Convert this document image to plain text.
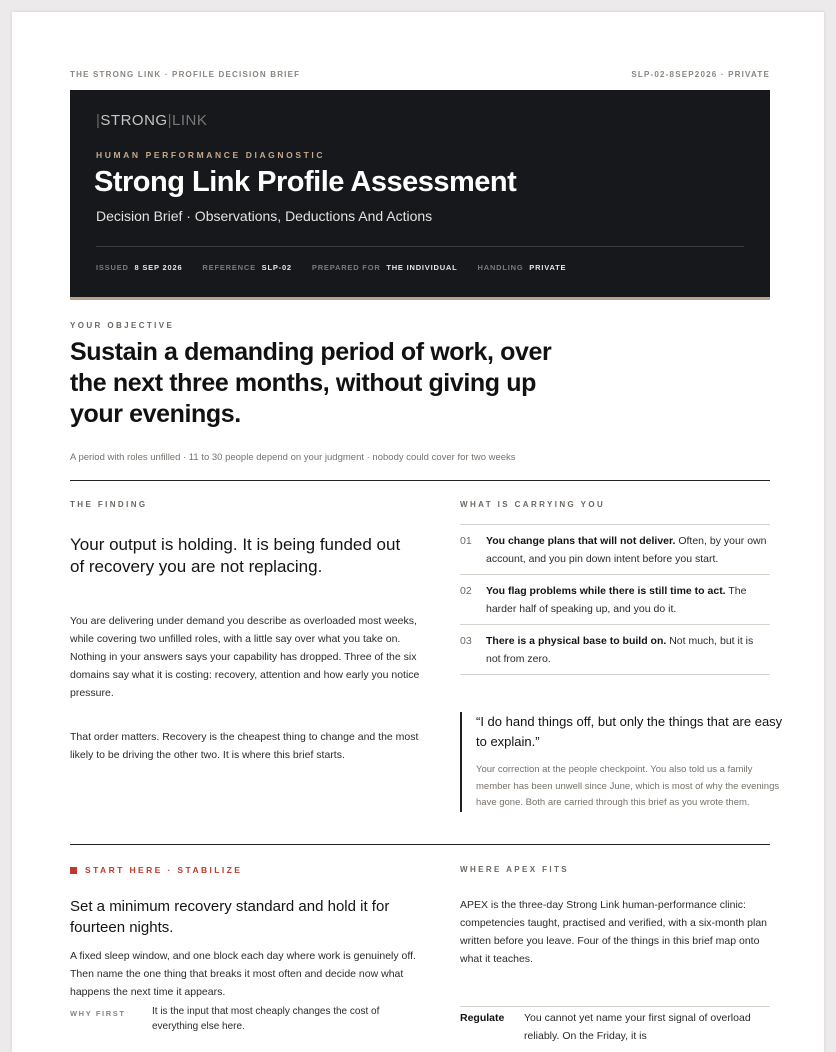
THE STRONG LINK · PROFILE DECISION BRIEF	SLP-02-8SEP2026 · PRIVATE
|STRONG|LINK
HUMAN PERFORMANCE DIAGNOSTIC
Strong Link Profile Assessment
Decision Brief · Observations, Deductions And Actions
ISSUED 8 SEP 2026	REFERENCE SLP-02	PREPARED FOR THE INDIVIDUAL	HANDLING PRIVATE
YOUR OBJECTIVE
Sustain a demanding period of work, over the next three months, without giving up your evenings.
A period with roles unfilled · 11 to 30 people depend on your judgment · nobody could cover for two weeks
THE FINDING
Your output is holding. It is being funded out of recovery you are not replacing.
You are delivering under demand you describe as overloaded most weeks, while covering two unfilled roles, with a little say over what you take on. Nothing in your answers says your capability has dropped. Three of the six domains say what it is costing: recovery, attention and how early you notice pressure.
That order matters. Recovery is the cheapest thing to change and the most likely to be driving the other two. It is where this brief starts.
WHAT IS CARRYING YOU
01	You change plans that will not deliver. Often, by your own account, and you pin down intent before you start.
02	You flag problems while there is still time to act. The harder half of speaking up, and you do it.
03	There is a physical base to build on. Not much, but it is not from zero.
“I do hand things off, but only the things that are easy to explain.”
Your correction at the people checkpoint. You also told us a family member has been unwell since June, which is most of why the evenings have gone. Both are carried through this brief as you wrote them.
START HERE · STABILIZE
Set a minimum recovery standard and hold it for fourteen nights.
A fixed sleep window, and one block each day where work is genuinely off. Then name the one thing that breaks it most often and decide now what happens the next time it appears.
WHY FIRST	It is the input that most cheaply changes the cost of everything else here.
WHERE APEX FITS
APEX is the three-day Strong Link human-performance clinic: competencies taught, practised and verified, with a six-month plan written before you leave. Four of the things in this brief map onto what it teaches.
Regulate	You cannot yet name your first signal of overload reliably. On the Friday, it is
